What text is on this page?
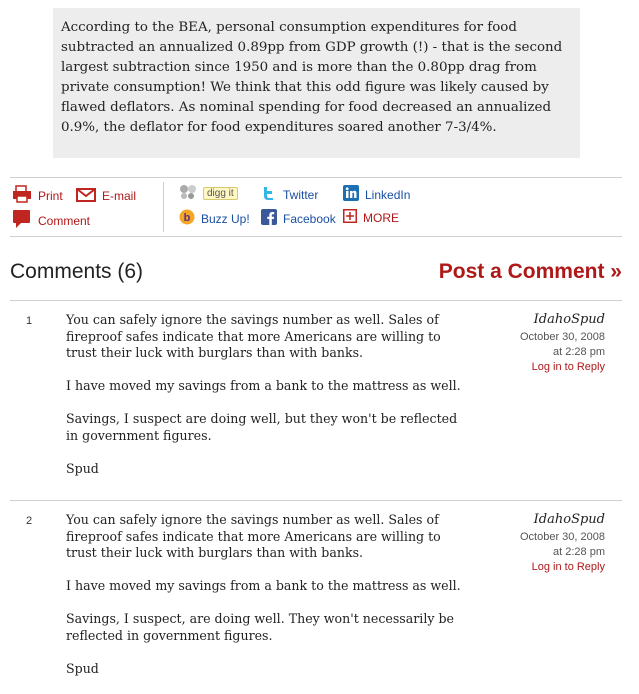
According to the BEA, personal consumption expenditures for food subtracted an annualized 0.89pp from GDP growth (!) - that is the second largest subtraction since 1950 and is more than the 0.80pp drag from private consumption! We think that this odd figure was likely caused by flawed deflators. As nominal spending for food decreased an annualized 0.9%, the deflator for food expenditures soared another 7-3/4%.

Print	E-mail
Comment
digg it	Twitter	LinkedIn
b Buzz Up!	Facebook MORE
Comments (6)	Post a Comment »
1	You can safely ignore the savings number as well. Sales of fireproof safes indicate that more Americans are willing to trust their luck with burglars than with banks.

I have moved my savings from a bank to the mattress as well.

Savings, I suspect are doing well, but they won't be reflected in government figures.

Spud

IdahoSpud
October 30, 2008
at 2:28 pm
Log in to Reply
2	You can safely ignore the savings number as well. Sales of fireproof safes indicate that more Americans are willing to trust their luck with burglars than with banks.

I have moved my savings from a bank to the mattress as well.

Savings, I suspect, are doing well. They won't necessarily be reflected in government figures.

Spud

IdahoSpud
October 30, 2008
at 2:28 pm
Log in to Reply
